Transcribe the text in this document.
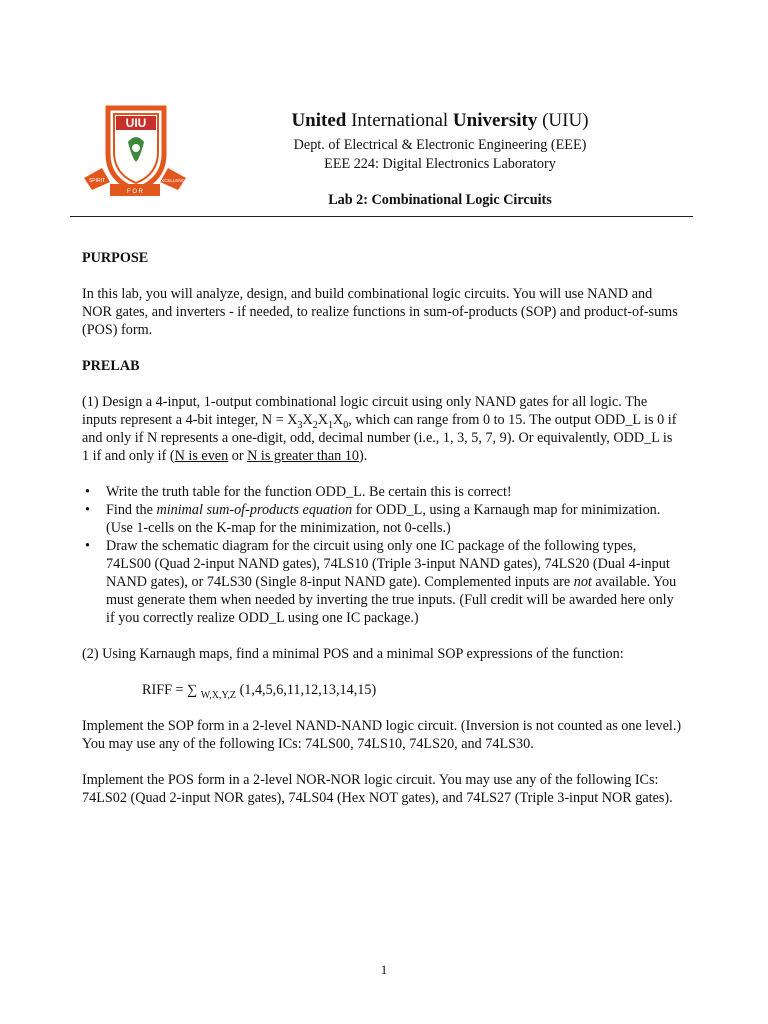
UIU
SPIRIT	EXCELLENCE
F O R
United International University (UIU)
Dept. of Electrical & Electronic Engineering (EEE)
EEE 224: Digital Electronics Laboratory
Lab 2: Combinational Logic Circuits

PURPOSE

In this lab, you will analyze, design, and build combinational logic circuits. You will use NAND and NOR gates, and inverters - if needed, to realize functions in sum-of-products (SOP) and product-of-sums (POS) form.

PRELAB

(1) Design a 4-input, 1-output combinational logic circuit using only NAND gates for all logic. The inputs represent a 4-bit integer, $N = X_3X_2X_1X_0$, which can range from 0 to 15. The output ODD_L is 0 if and only if N represents a one-digit, odd, decimal number (i.e., 1, 3, 5, 7, 9). Or equivalently, ODD_L is 1 if and only if (N is even or N is greater than 10).

• Write the truth table for the function ODD_L. Be certain this is correct!
• Find the minimal sum-of-products equation for ODD_L, using a Karnaugh map for minimization. (Use 1-cells on the K-map for the minimization, not 0-cells.)
• Draw the schematic diagram for the circuit using only one IC package of the following types, 74LS00 (Quad 2-input NAND gates), 74LS10 (Triple 3-input NAND gates), 74LS20 (Dual 4-input NAND gates), or 74LS30 (Single 8-input NAND gate). Complemented inputs are not available. You must generate them when needed by inverting the true inputs. (Full credit will be awarded here only if you correctly realize ODD_L using one IC package.)

(2) Using Karnaugh maps, find a minimal POS and a minimal SOP expressions of the function:

RIFF = ∑ $_{W,X,Y,Z}$ (1,4,5,6,11,12,13,14,15)

Implement the SOP form in a 2-level NAND-NAND logic circuit. (Inversion is not counted as one level.) You may use any of the following ICs: 74LS00, 74LS10, 74LS20, and 74LS30.

Implement the POS form in a 2-level NOR-NOR logic circuit. You may use any of the following ICs: 74LS02 (Quad 2-input NOR gates), 74LS04 (Hex NOT gates), and 74LS27 (Triple 3-input NOR gates).

1
